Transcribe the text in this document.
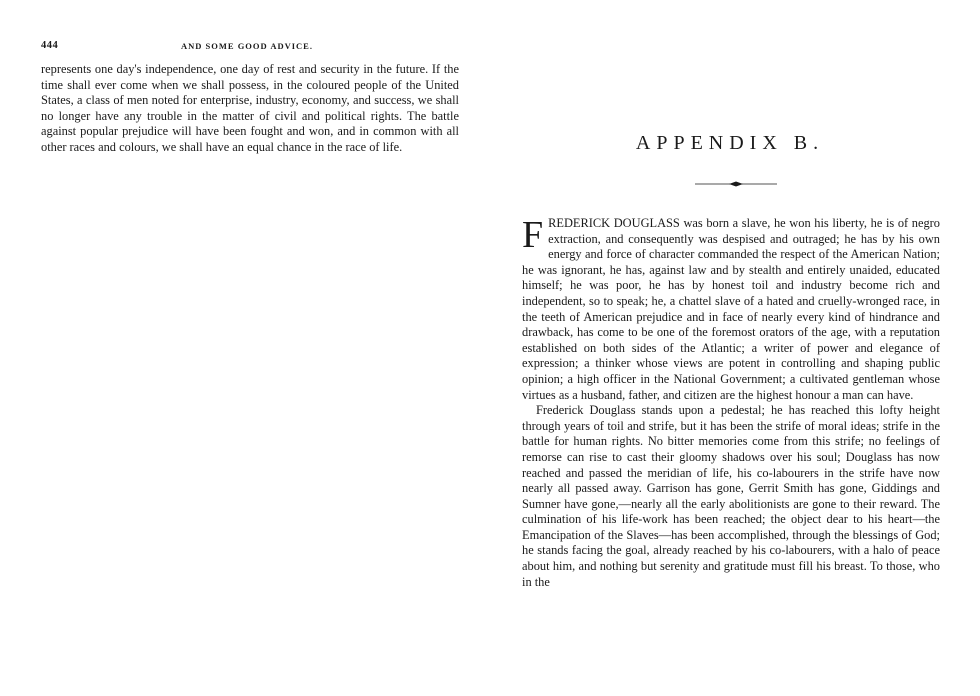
444	AND SOME GOOD ADVICE.
represents one day's independence, one day of rest and security in the future. If the time shall ever come when we shall possess, in the coloured people of the United States, a class of men noted for enterprise, industry, economy, and success, we shall no longer have any trouble in the matter of civil and political rights. The battle against popular prejudice will have been fought and won, and in common with all other races and colours, we shall have an equal chance in the race of life.	APPENDIX B.

FREDERICK DOUGLASS was born a slave, he won his liberty, he is of negro extraction, and consequently was despised and outraged; he has by his own energy and force of character commanded the respect of the American Nation; he was ignorant, he has, against law and by stealth and entirely unaided, educated himself; he was poor, he has by honest toil and industry become rich and independent, so to speak; he, a chattel slave of a hated and cruelly-wronged race, in the teeth of American prejudice and in face of nearly every kind of hindrance and drawback, has come to be one of the foremost orators of the age, with a reputation established on both sides of the Atlantic; a writer of power and elegance of expression; a thinker whose views are potent in controlling and shaping public opinion; a high officer in the National Government; a cultivated gentleman whose virtues as a husband, father, and citizen are the highest honour a man can have.

Frederick Douglass stands upon a pedestal; he has reached this lofty height through years of toil and strife, but it has been the strife of moral ideas; strife in the battle for human rights. No bitter memories come from this strife; no feelings of remorse can rise to cast their gloomy shadows over his soul; Douglass has now reached and passed the meridian of life, his co-labourers in the strife have now nearly all passed away. Garrison has gone, Gerrit Smith has gone, Giddings and Sumner have gone,—nearly all the early abolitionists are gone to their reward. The culmination of his life-work has been reached; the object dear to his heart—the Emancipation of the Slaves—has been accomplished, through the blessings of God; he stands facing the goal, already reached by his co-labourers, with a halo of peace about him, and nothing but serenity and gratitude must fill his breast. To those, who in the
